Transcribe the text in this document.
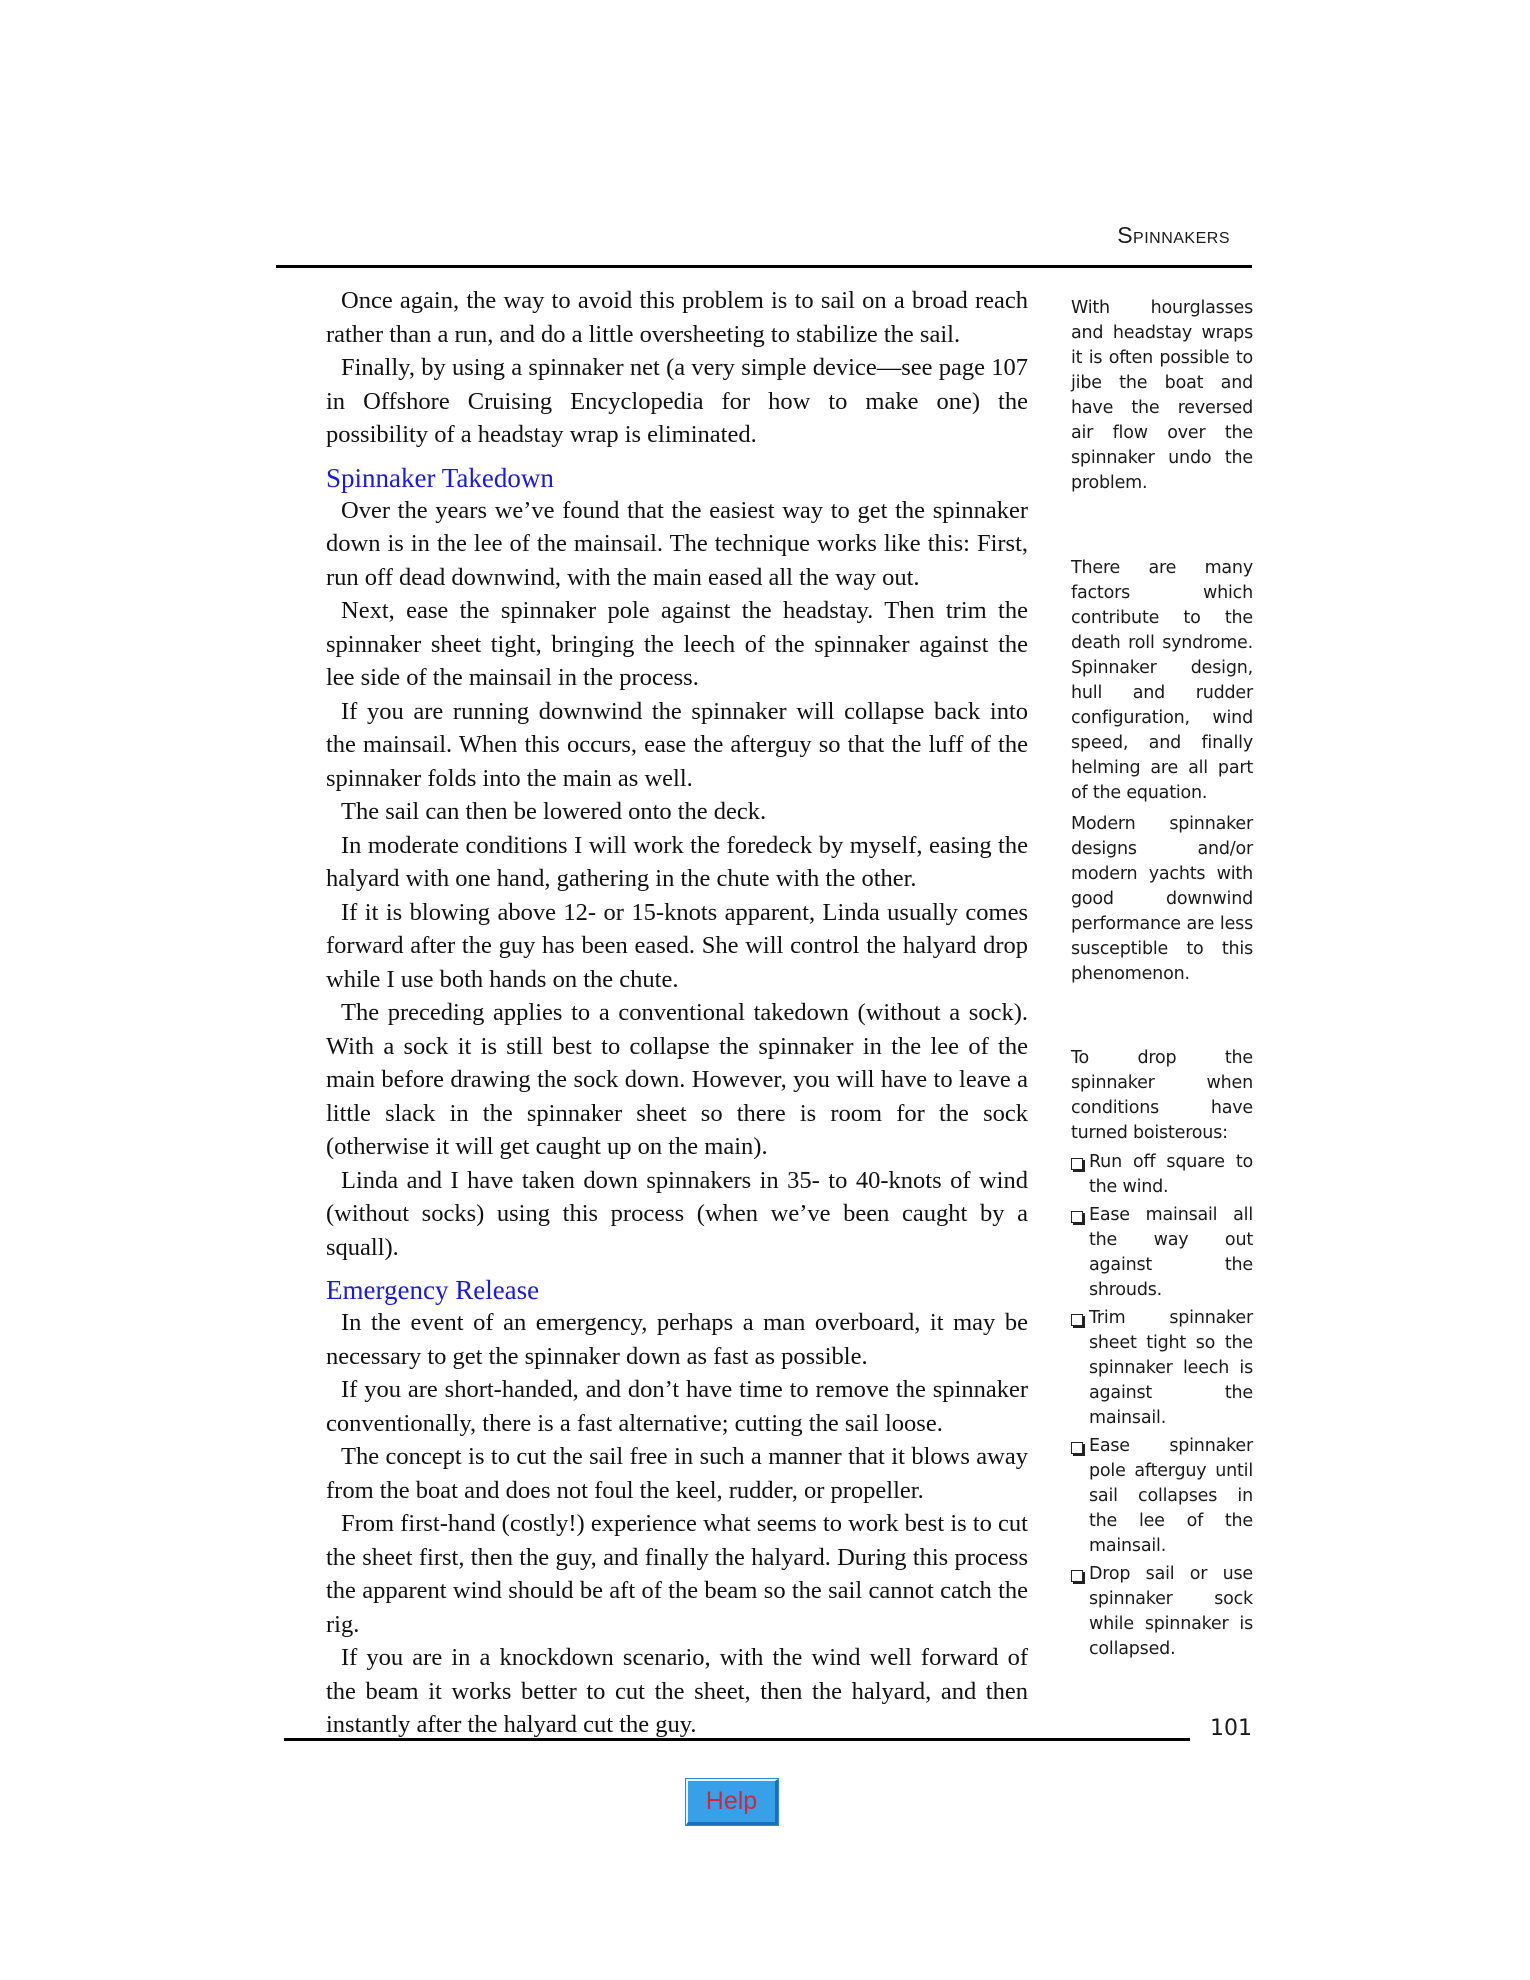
Spinnakers

Once again, the way to avoid this problem is to sail on a broad reach rather than a run, and do a little oversheeting to stabilize the sail.

Finally, by using a spinnaker net (a very simple device—see page 107 in Offshore Cruising Encyclopedia for how to make one) the possibility of a headstay wrap is eliminated.

Spinnaker Takedown

Over the years we’ve found that the easiest way to get the spinnaker down is in the lee of the mainsail. The technique works like this: First, run off dead downwind, with the main eased all the way out.

Next, ease the spinnaker pole against the headstay. Then trim the spinnaker sheet tight, bringing the leech of the spinnaker against the lee side of the mainsail in the process.

If you are running downwind the spinnaker will collapse back into the mainsail. When this occurs, ease the afterguy so that the luff of the spinnaker folds into the main as well.

The sail can then be lowered onto the deck.

In moderate conditions I will work the foredeck by myself, easing the halyard with one hand, gathering in the chute with the other.

If it is blowing above 12- or 15-knots apparent, Linda usually comes forward after the guy has been eased. She will control the halyard drop while I use both hands on the chute.

The preceding applies to a conventional takedown (without a sock). With a sock it is still best to collapse the spinnaker in the lee of the main before drawing the sock down. However, you will have to leave a little slack in the spinnaker sheet so there is room for the sock (otherwise it will get caught up on the main).

Linda and I have taken down spinnakers in 35- to 40-knots of wind (without socks) using this process (when we’ve been caught by a squall).

Emergency Release

In the event of an emergency, perhaps a man overboard, it may be necessary to get the spinnaker down as fast as possible.

If you are short-handed, and don’t have time to remove the spinnaker conventionally, there is a fast alternative; cutting the sail loose.

The concept is to cut the sail free in such a manner that it blows away from the boat and does not foul the keel, rudder, or propeller.

From first-hand (costly!) experience what seems to work best is to cut the sheet first, then the guy, and finally the halyard. During this process the apparent wind should be aft of the beam so the sail cannot catch the rig.

If you are in a knockdown scenario, with the wind well forward of the beam it works better to cut the sheet, then the halyard, and then instantly after the halyard cut the guy.

With hourglasses and headstay wraps it is often possible to jibe the boat and have the reversed air flow over the spinnaker undo the problem.

There are many factors which contribute to the death roll syndrome. Spinnaker design, hull and rudder configuration, wind speed, and finally helming are all part of the equation.

Modern spinnaker designs and/or modern yachts with good downwind performance are less susceptible to this phenomenon.

To drop the spinnaker when conditions have turned boisterous:

Run off square to the wind.
Ease mainsail all the way out against the shrouds.
Trim spinnaker sheet tight so the spinnaker leech is against the mainsail.
Ease spinnaker pole afterguy until sail collapses in the lee of the mainsail.
Drop sail or use spinnaker sock while spinnaker is collapsed.
101
Help
